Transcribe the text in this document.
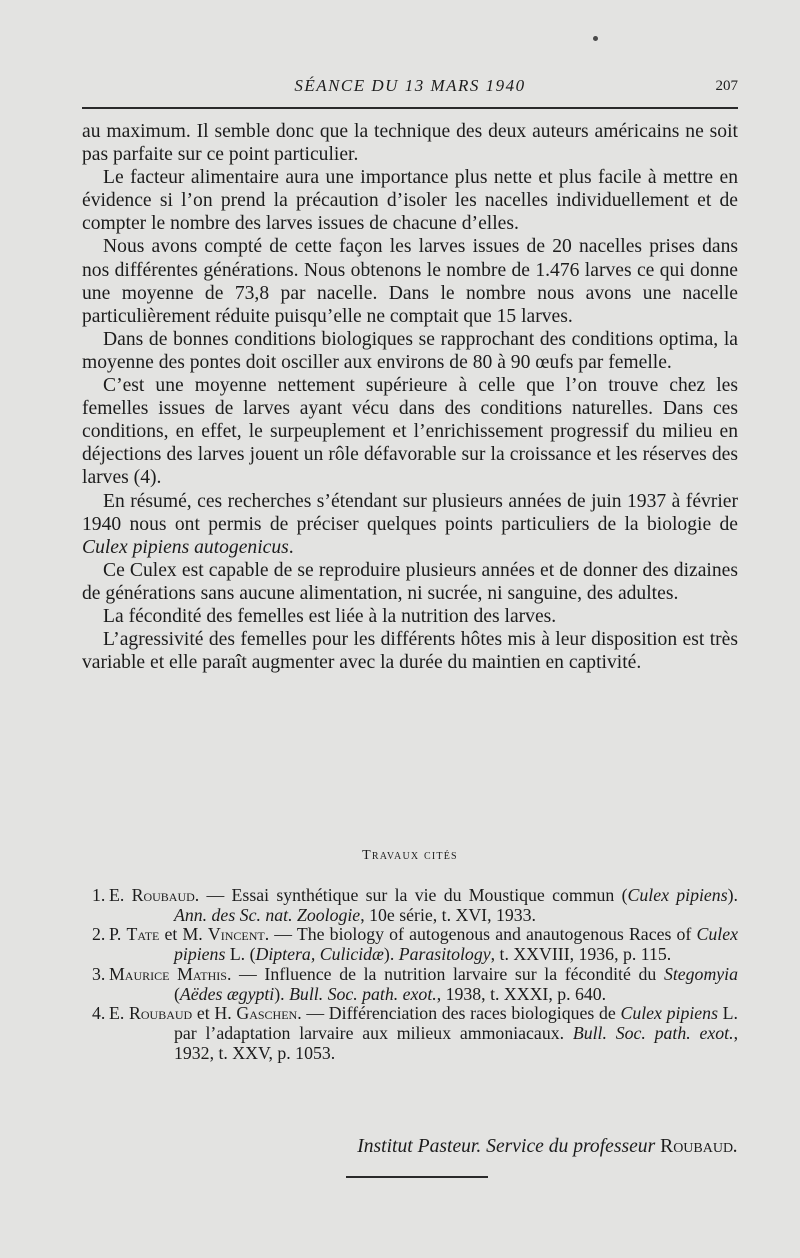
SÉANCE DU 13 MARS 1940	207

au maximum. Il semble donc que la technique des deux auteurs américains ne soit pas parfaite sur ce point particulier.

Le facteur alimentaire aura une importance plus nette et plus facile à mettre en évidence si l’on prend la précaution d’isoler les nacelles individuellement et de compter le nombre des larves issues de chacune d’elles.

Nous avons compté de cette façon les larves issues de 20 nacelles prises dans nos différentes générations. Nous obtenons le nombre de 1.476 larves ce qui donne une moyenne de 73,8 par nacelle. Dans le nombre nous avons une nacelle particulièrement réduite puisqu’elle ne comptait que 15 larves.

Dans de bonnes conditions biologiques se rapprochant des conditions optima, la moyenne des pontes doit osciller aux environs de 80 à 90 œufs par femelle.

C’est une moyenne nettement supérieure à celle que l’on trouve chez les femelles issues de larves ayant vécu dans des conditions naturelles. Dans ces conditions, en effet, le surpeuplement et l’enrichissement progressif du milieu en déjections des larves jouent un rôle défavorable sur la croissance et les réserves des larves (4).

En résumé, ces recherches s’étendant sur plusieurs années de juin 1937 à février 1940 nous ont permis de préciser quelques points particuliers de la biologie de Culex pipiens autogenicus.

Ce Culex est capable de se reproduire plusieurs années et de donner des dizaines de générations sans aucune alimentation, ni sucrée, ni sanguine, des adultes.

La fécondité des femelles est liée à la nutrition des larves.

L’agressivité des femelles pour les différents hôtes mis à leur disposition est très variable et elle paraît augmenter avec la durée du maintien en captivité.

Travaux cités
1. E. Roubaud. — Essai synthétique sur la vie du Moustique commun (Culex pipiens). Ann. des Sc. nat. Zoologie, 10e série, t. XVI, 1933.
2. P. Tate et M. Vincent. — The biology of autogenous and anautogenous Races of Culex pipiens L. (Diptera, Culicidæ). Parasitology, t. XXVIII, 1936, p. 115.
3. Maurice Mathis. — Influence de la nutrition larvaire sur la fécondité du Stegomyia (Aëdes ægypti). Bull. Soc. path. exot., 1938, t. XXXI, p. 640.
4. E. Roubaud et H. Gaschen. — Différenciation des races biologiques de Culex pipiens L. par l’adaptation larvaire aux milieux ammoniacaux. Bull. Soc. path. exot., 1932, t. XXV, p. 1053.
Institut Pasteur. Service du professeur Roubaud.
